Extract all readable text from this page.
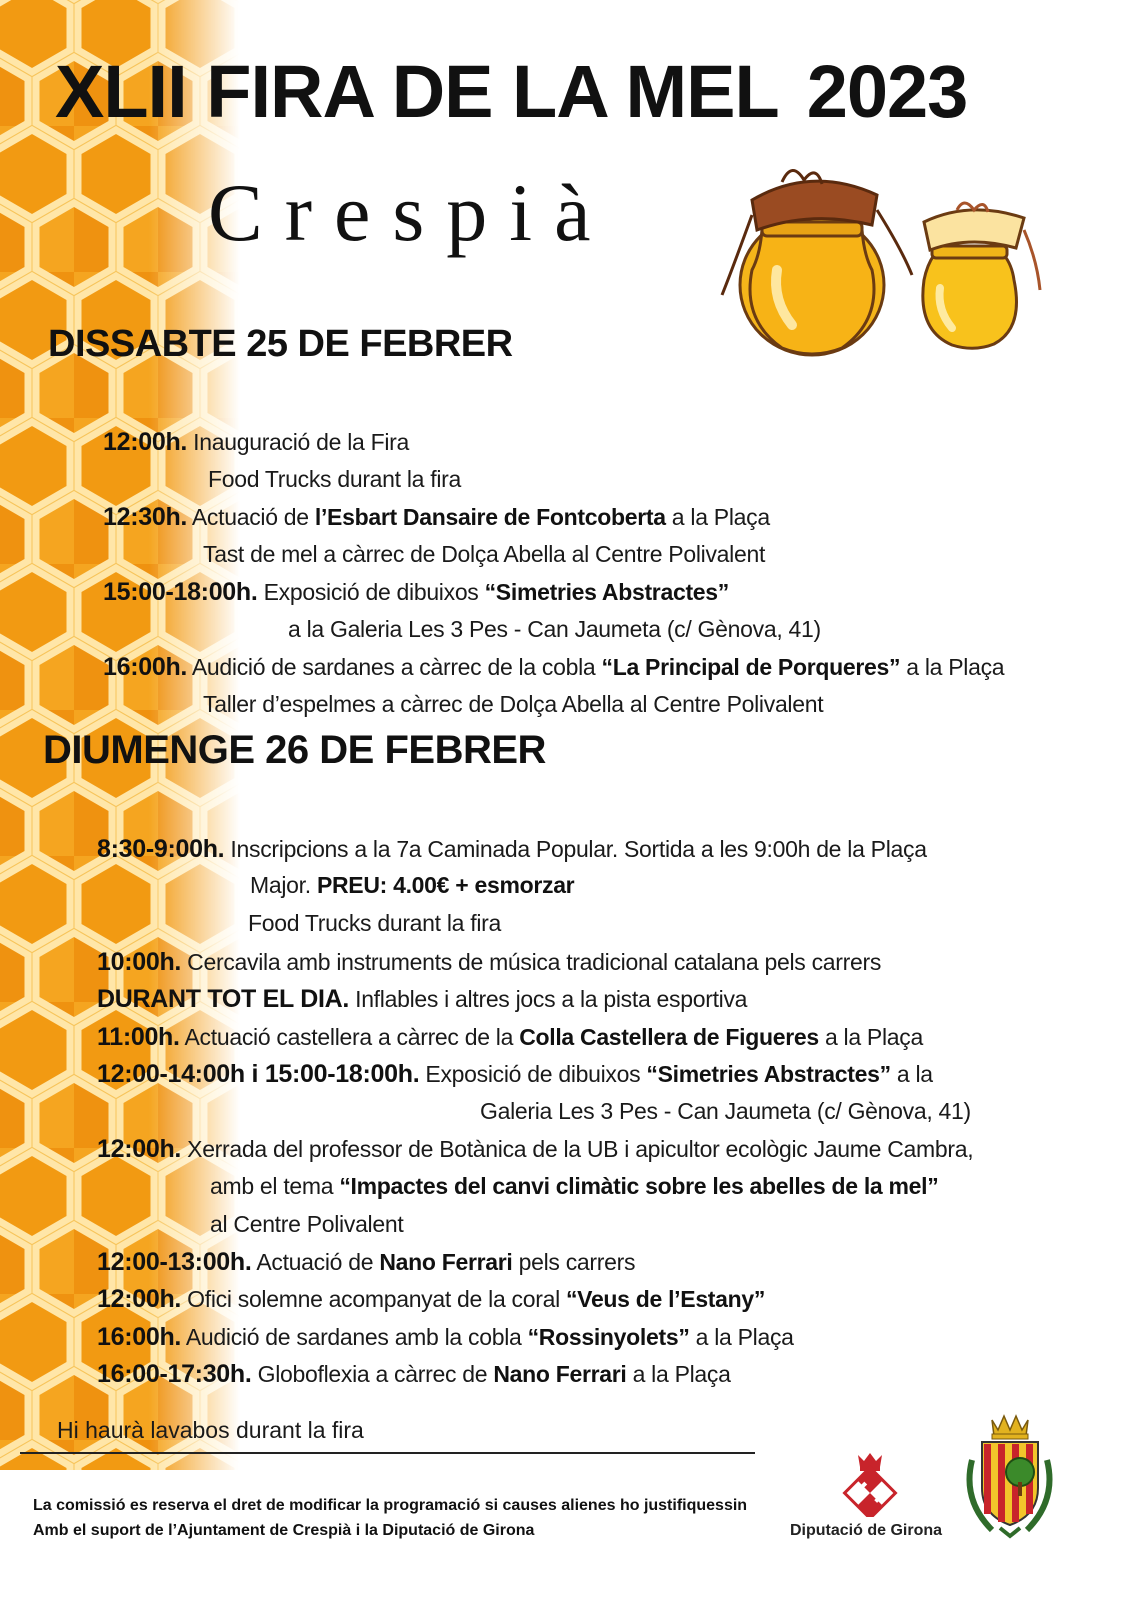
XLII FIRA DE LA MEL 2023
Crespià
DISSABTE 25 DE FEBRER
12:00h. Inauguració de la Fira
Food Trucks durant la fira
12:30h. Actuació de l’Esbart Dansaire de Fontcoberta a la Plaça
Tast de mel a càrrec de Dolça Abella al Centre Polivalent
15:00-18:00h. Exposició de dibuixos “Simetries Abstractes”
a la Galeria Les 3 Pes - Can Jaumeta (c/ Gènova, 41)
16:00h. Audició de sardanes a càrrec de la cobla “La Principal de Porqueres” a la Plaça
Taller d’espelmes a càrrec de Dolça Abella al Centre Polivalent
DIUMENGE 26 DE FEBRER
8:30-9:00h. Inscripcions a la 7a Caminada Popular. Sortida a les 9:00h de la Plaça
Major. PREU: 4.00€ + esmorzar
Food Trucks durant la fira
10:00h. Cercavila amb instruments de música tradicional catalana pels carrers
DURANT TOT EL DIA. Inflables i altres jocs a la pista esportiva
11:00h. Actuació castellera a càrrec de la Colla Castellera de Figueres a la Plaça
12:00-14:00h i 15:00-18:00h. Exposició de dibuixos “Simetries Abstractes” a la
Galeria Les 3 Pes - Can Jaumeta (c/ Gènova, 41)
12:00h. Xerrada del professor de Botànica de la UB i apicultor ecològic Jaume Cambra,
amb el tema “Impactes del canvi climàtic sobre les abelles de la mel”
al Centre Polivalent
12:00-13:00h. Actuació de Nano Ferrari pels carrers
12:00h. Ofici solemne acompanyat de la coral “Veus de l’Estany”
16:00h. Audició de sardanes amb la cobla “Rossinyolets” a la Plaça
16:00-17:30h. Globoflexia a càrrec de Nano Ferrari a la Plaça
Hi haurà lavabos durant la fira
La comissió es reserva el dret de modificar la programació si causes alienes ho justifiquessin
Amb el suport de l’Ajuntament de Crespià i la Diputació de Girona	Diputació de Girona
